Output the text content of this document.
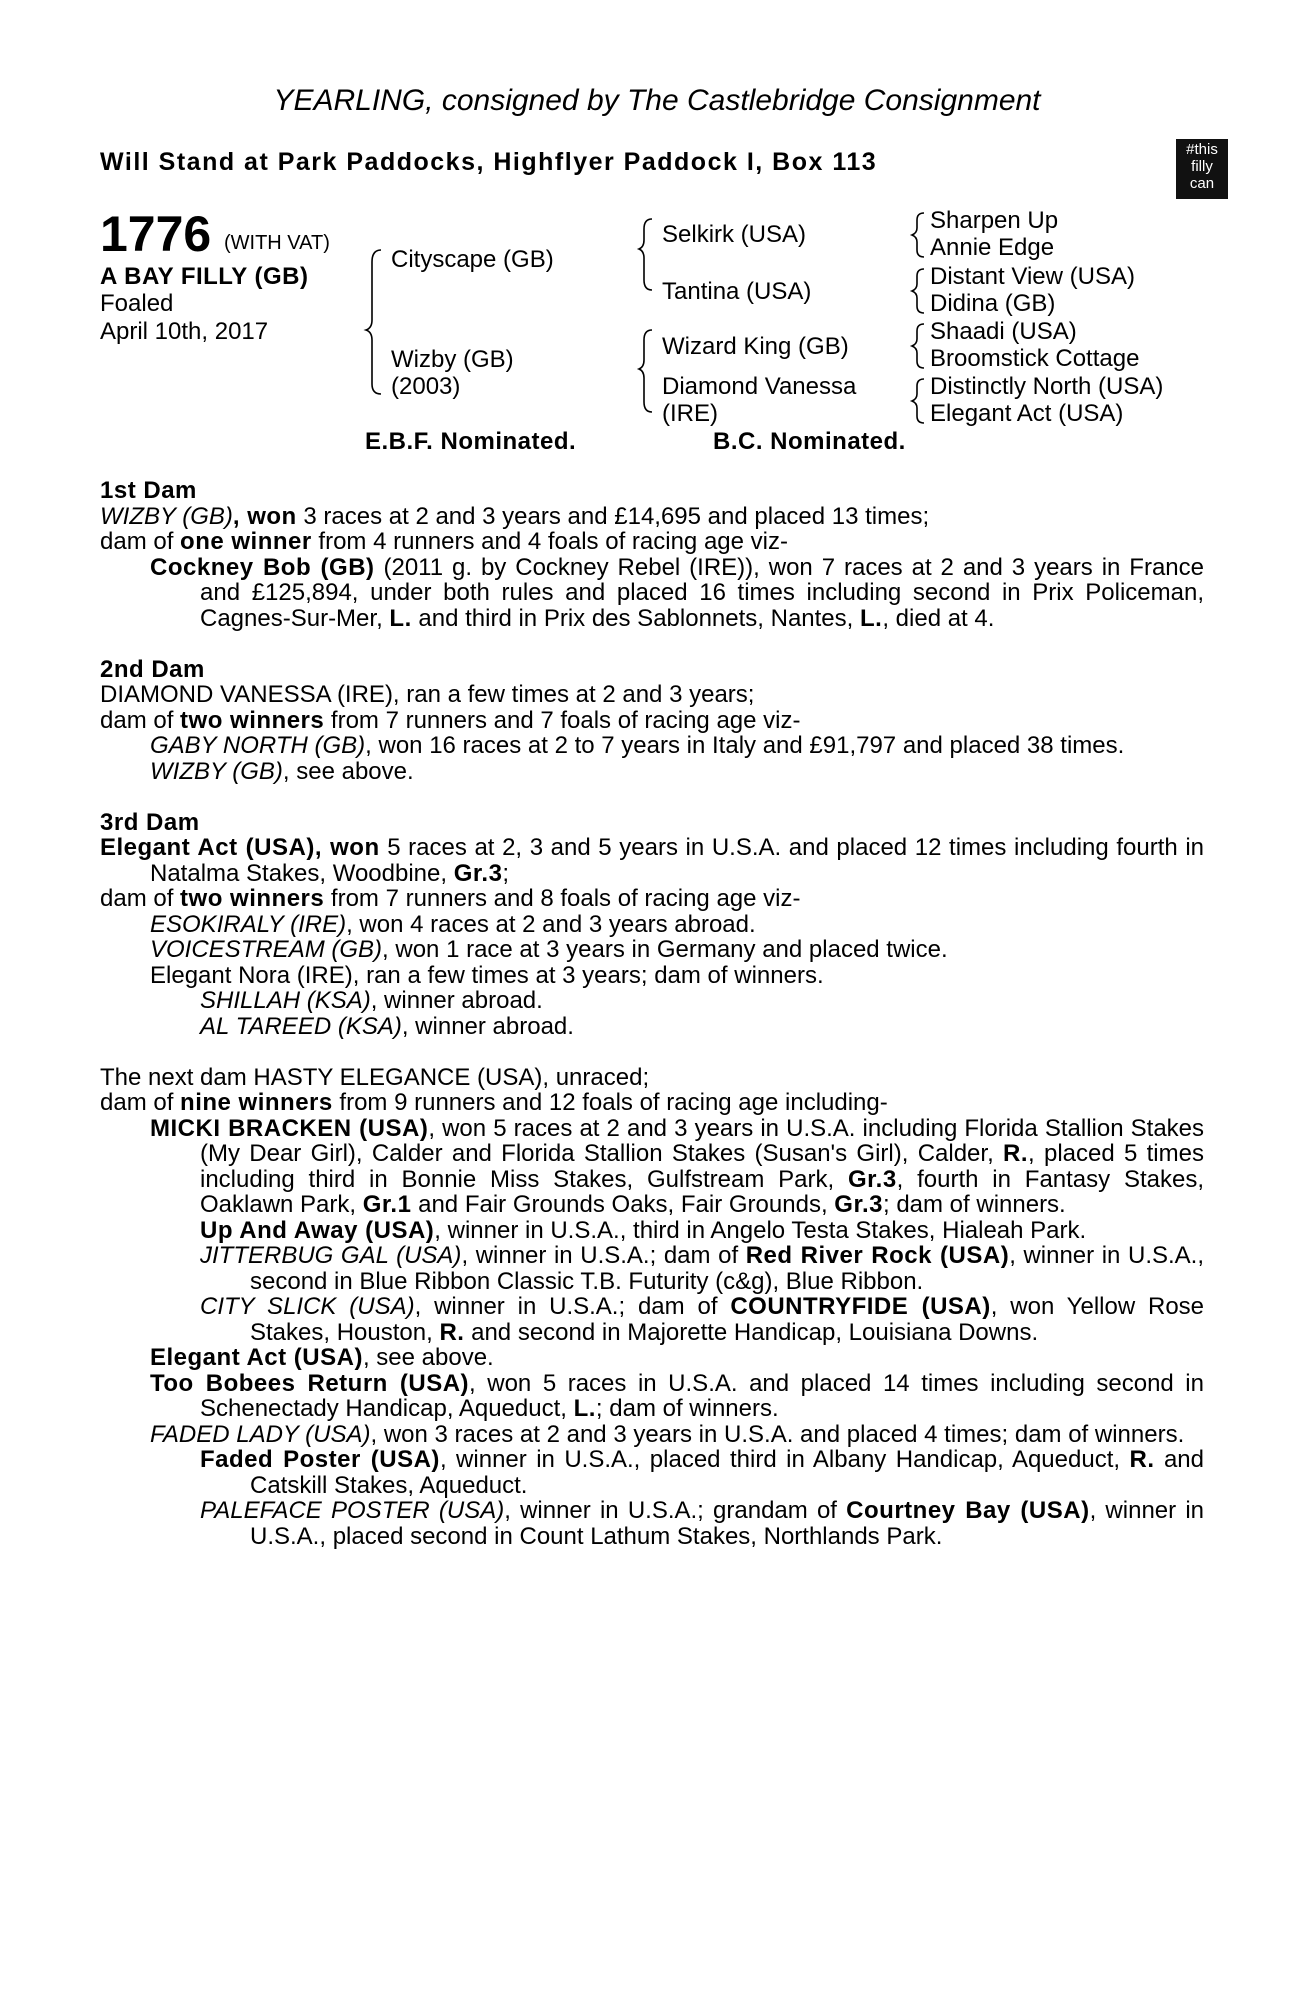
YEARLING, consigned by The Castlebridge Consignment
Will Stand at Park Paddocks, Highflyer Paddock I, Box 113	#this
filly
can
1776 (WITH VAT)
A BAY FILLY (GB)
Foaled
April 10th, 2017
Cityscape (GB)
Wizby (GB)
(2003)
Selkirk (USA)
Tantina (USA)
Wizard King (GB)
Diamond Vanessa
(IRE)
Sharpen Up
Annie Edge
Distant View (USA)
Didina (GB)
Shaadi (USA)
Broomstick Cottage
Distinctly North (USA)
Elegant Act (USA)
E.B.F. Nominated.	B.C. Nominated.

1st Dam

WIZBY (GB), won 3 races at 2 and 3 years and £14,695 and placed 13 times;

dam of one winner from 4 runners and 4 foals of racing age viz-

Cockney Bob (GB) (2011 g. by Cockney Rebel (IRE)), won 7 races at 2 and 3 years in France and £125,894, under both rules and placed 16 times including second in Prix Policeman, Cagnes-Sur-Mer, L. and third in Prix des Sablonnets, Nantes, L., died at 4.

2nd Dam

DIAMOND VANESSA (IRE), ran a few times at 2 and 3 years;

dam of two winners from 7 runners and 7 foals of racing age viz-

GABY NORTH (GB), won 16 races at 2 to 7 years in Italy and £91,797 and placed 38 times.

WIZBY (GB), see above.

3rd Dam

Elegant Act (USA), won 5 races at 2, 3 and 5 years in U.S.A. and placed 12 times including fourth in Natalma Stakes, Woodbine, Gr.3;

dam of two winners from 7 runners and 8 foals of racing age viz-

ESOKIRALY (IRE), won 4 races at 2 and 3 years abroad.

VOICESTREAM (GB), won 1 race at 3 years in Germany and placed twice.

Elegant Nora (IRE), ran a few times at 3 years; dam of winners.

SHILLAH (KSA), winner abroad.

AL TAREED (KSA), winner abroad.

The next dam HASTY ELEGANCE (USA), unraced;

dam of nine winners from 9 runners and 12 foals of racing age including-

MICKI BRACKEN (USA), won 5 races at 2 and 3 years in U.S.A. including Florida Stallion Stakes (My Dear Girl), Calder and Florida Stallion Stakes (Susan's Girl), Calder, R., placed 5 times including third in Bonnie Miss Stakes, Gulfstream Park, Gr.3, fourth in Fantasy Stakes, Oaklawn Park, Gr.1 and Fair Grounds Oaks, Fair Grounds, Gr.3; dam of winners.

Up And Away (USA), winner in U.S.A., third in Angelo Testa Stakes, Hialeah Park.

JITTERBUG GAL (USA), winner in U.S.A.; dam of Red River Rock (USA), winner in U.S.A., second in Blue Ribbon Classic T.B. Futurity (c&g), Blue Ribbon.

CITY SLICK (USA), winner in U.S.A.; dam of COUNTRYFIDE (USA), won Yellow Rose Stakes, Houston, R. and second in Majorette Handicap, Louisiana Downs.

Elegant Act (USA), see above.

Too Bobees Return (USA), won 5 races in U.S.A. and placed 14 times including second in Schenectady Handicap, Aqueduct, L.; dam of winners.

FADED LADY (USA), won 3 races at 2 and 3 years in U.S.A. and placed 4 times; dam of winners.

Faded Poster (USA), winner in U.S.A., placed third in Albany Handicap, Aqueduct, R. and Catskill Stakes, Aqueduct.

PALEFACE POSTER (USA), winner in U.S.A.; grandam of Courtney Bay (USA), winner in U.S.A., placed second in Count Lathum Stakes, Northlands Park.
